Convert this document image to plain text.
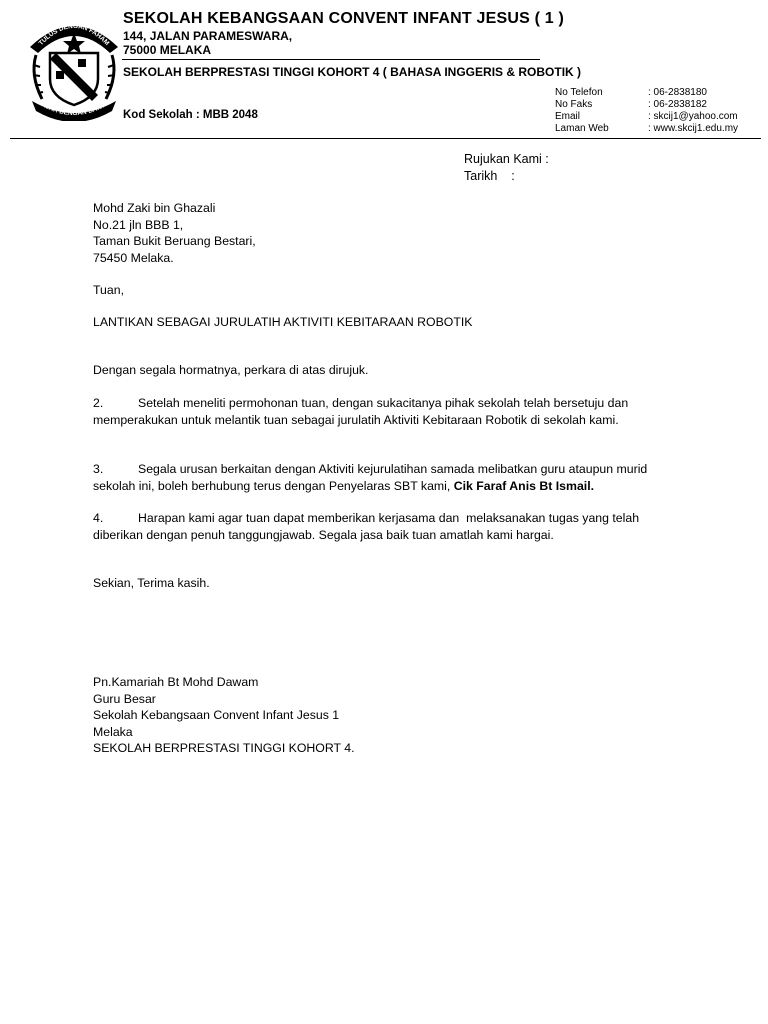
TULUS DENGAN FAHAM
AJAR DENGAN BAKTI
SEKOLAH KEBANGSAAN CONVENT INFANT JESUS ( 1 )
144, JALAN PARAMESWARA,
75000 MELAKA
SEKOLAH BERPRESTASI TINGGI KOHORT 4 ( BAHASA INGGERIS & ROBOTIK )
Kod Sekolah : MBB 2048
No Telefon	: 06-2838180
No Faks	: 06-2838182
Email	: skcij1@yahoo.com
Laman Web	: www.skcij1.edu.my
Rujukan Kami :
Tarikh    :
Mohd Zaki bin Ghazali
No.21 jln BBB 1,
Taman Bukit Beruang Bestari,
75450 Melaka.
Tuan,
LANTIKAN SEBAGAI JURULATIH AKTIVITI KEBITARAAN ROBOTIK
Dengan segala hormatnya, perkara di atas dirujuk.
2.	Setelah meneliti permohonan tuan, dengan sukacitanya pihak sekolah telah bersetuju dan memperakukan untuk melantik tuan sebagai jurulatih Aktiviti Kebitaraan Robotik di sekolah kami.
3.	Segala urusan berkaitan dengan Aktiviti kejurulatihan samada melibatkan guru ataupun murid sekolah ini, boleh berhubung terus dengan Penyelaras SBT kami, Cik Faraf Anis Bt Ismail.
4.	Harapan kami agar tuan dapat memberikan kerjasama dan  melaksanakan tugas yang telah diberikan dengan penuh tanggungjawab. Segala jasa baik tuan amatlah kami hargai.
Sekian, Terima kasih.
Pn.Kamariah Bt Mohd Dawam
Guru Besar
Sekolah Kebangsaan Convent Infant Jesus 1
Melaka
SEKOLAH BERPRESTASI TINGGI KOHORT 4.
